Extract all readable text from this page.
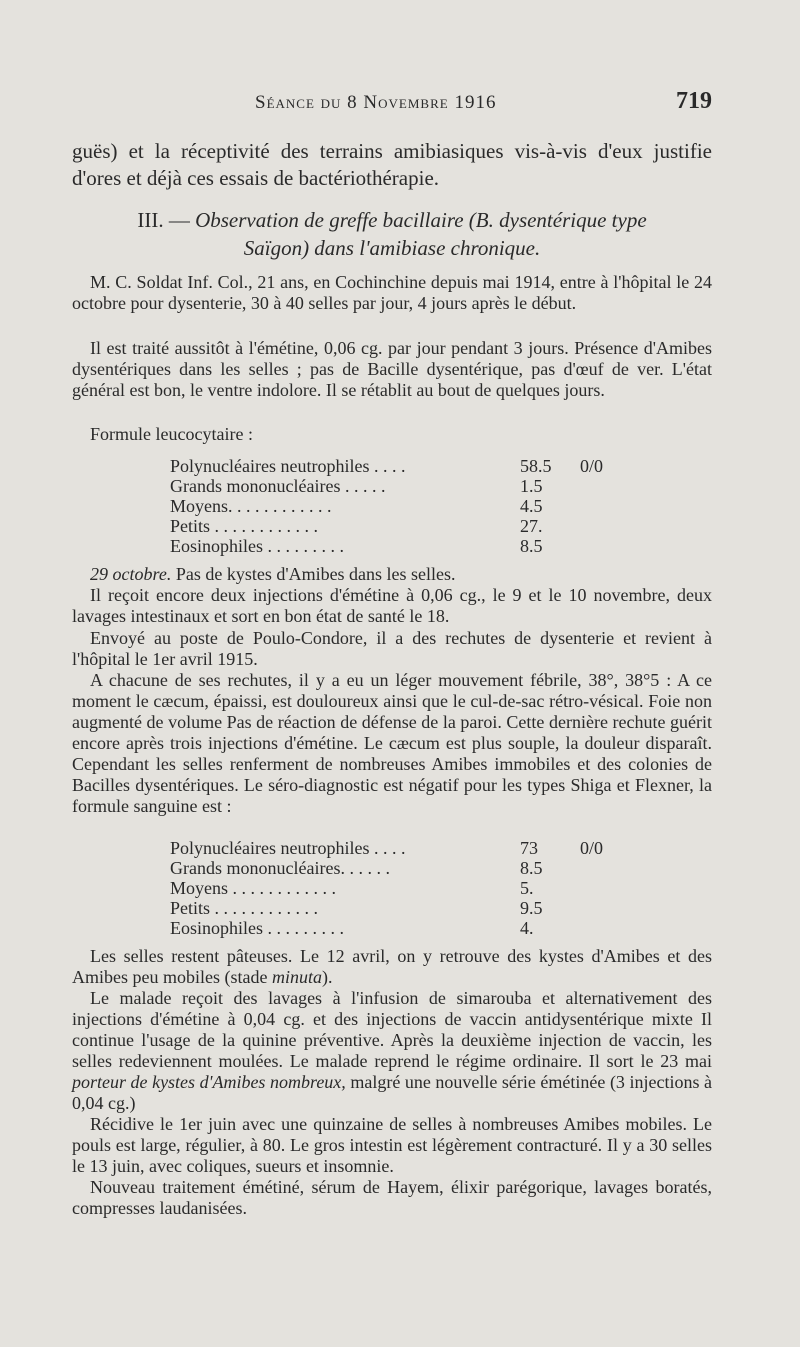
Séance du 8 Novembre 1916	719

guës) et la réceptivité des terrains amibiasiques vis-à-vis d'eux justifie d'ores et déjà ces essais de bactériothérapie.

III. — Observation de greffe bacillaire (B. dysentérique type

Saïgon) dans l'amibiase chronique.

M. C. Soldat Inf. Col., 21 ans, en Cochinchine depuis mai 1914, entre à l'hôpital le 24 octobre pour dysenterie, 30 à 40 selles par jour, 4 jours après le début.

Il est traité aussitôt à l'émétine, 0,06 cg. par jour pendant 3 jours. Présence d'Amibes dysentériques dans les selles ; pas de Bacille dysentérique, pas d'œuf de ver. L'état général est bon, le ventre indolore. Il se rétablit au bout de quelques jours.

Formule leucocytaire :

Polynucléaires neutrophiles . . . .	58.5 0/0
Grands mononucléaires . . . . .	1.5
Moyens. . . . . . . . . . . .	4.5
Petits . . . . . . . . . . . .	27.
Eosinophiles . . . . . . . . .	8.5

29 octobre. Pas de kystes d'Amibes dans les selles.

Il reçoit encore deux injections d'émétine à 0,06 cg., le 9 et le 10 novembre, deux lavages intestinaux et sort en bon état de santé le 18.

Envoyé au poste de Poulo-Condore, il a des rechutes de dysenterie et revient à l'hôpital le 1er avril 1915.

A chacune de ses rechutes, il y a eu un léger mouvement fébrile, 38°, 38°5 : A ce moment le cæcum, épaissi, est douloureux ainsi que le cul-de-sac rétro-vésical. Foie non augmenté de volume Pas de réaction de défense de la paroi. Cette dernière rechute guérit encore après trois injections d'émétine. Le cæcum est plus souple, la douleur disparaît. Cependant les selles renferment de nombreuses Amibes immobiles et des colonies de Bacilles dysentériques. Le séro-diagnostic est négatif pour les types Shiga et Flexner, la formule sanguine est :

Polynucléaires neutrophiles . . . .	73 0/0
Grands mononucléaires. . . . . .	8.5
Moyens . . . . . . . . . . . .	5.
Petits . . . . . . . . . . . .	9.5
Eosinophiles . . . . . . . . .	4.

Les selles restent pâteuses. Le 12 avril, on y retrouve des kystes d'Amibes et des Amibes peu mobiles (stade minuta).

Le malade reçoit des lavages à l'infusion de simarouba et alternativement des injections d'émétine à 0,04 cg. et des injections de vaccin antidysentérique mixte Il continue l'usage de la quinine préventive. Après la deuxième injection de vaccin, les selles redeviennent moulées. Le malade reprend le régime ordinaire. Il sort le 23 mai porteur de kystes d'Amibes nombreux, malgré une nouvelle série émétinée (3 injections à 0,04 cg.)

Récidive le 1er juin avec une quinzaine de selles à nombreuses Amibes mobiles. Le pouls est large, régulier, à 80. Le gros intestin est légèrement contracturé. Il y a 30 selles le 13 juin, avec coliques, sueurs et insomnie.

Nouveau traitement émétiné, sérum de Hayem, élixir parégorique, lavages boratés, compresses laudanisées.
